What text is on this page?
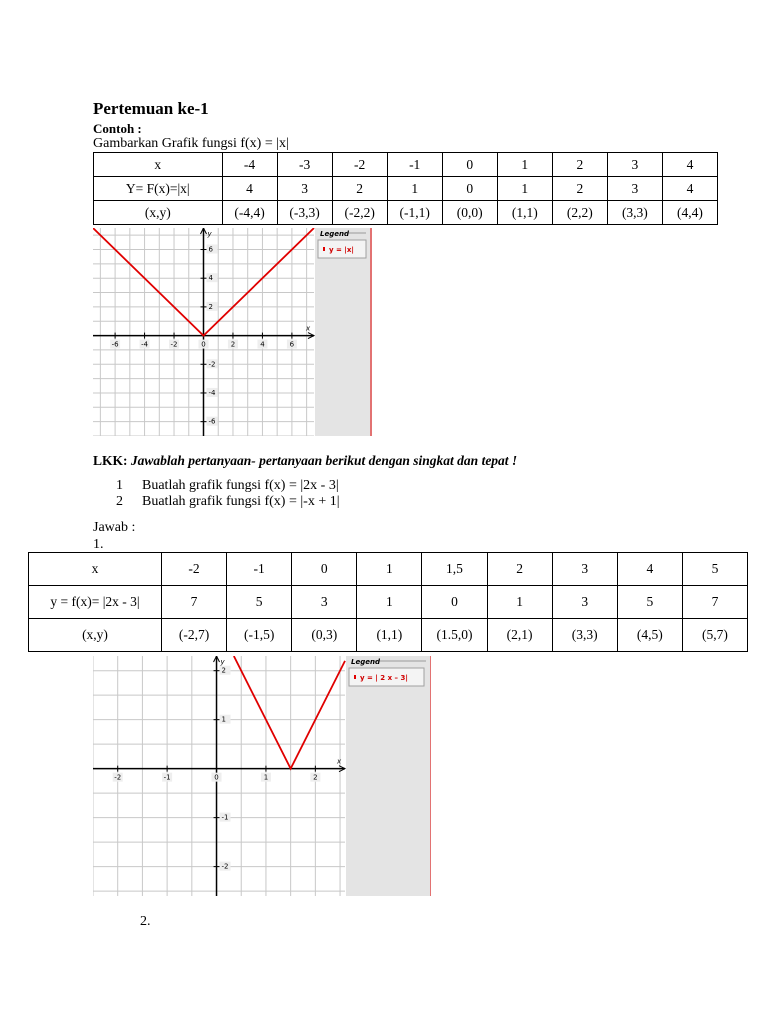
Pertemuan ke-1
Contoh :
Gambarkan Grafik fungsi f(x) = |x|
x	-4	-3	-2	-1	0	1	2	3	4
Y= F(x)=|x|	4	3	2	1	0	1	2	3	4
(x,y)	(-4,4)	(-3,3)	(-2,2)	(-1,1)	(0,0)	(1,1)	(2,2)	(3,3)	(4,4)
-6	-4	-2	0	2	4	6
6
4
2
-2
-4
-6
x
y	Legend
y = |x|
LKK: Jawablah pertanyaan- pertanyaan berikut dengan singkat dan tepat !
1 Buatlah grafik fungsi f(x) = |2x - 3|
2 Buatlah grafik fungsi f(x) = |-x + 1|
Jawab :
1.
x	-2	-1	0	1	1,5	2	3	4	5
y = f(x)= |2x - 3|	7	5	3	1	0	1	3	5	7
(x,y)	(-2,7)	(-1,5)	(0,3)	(1,1)	(1.5,0)	(2,1)	(3,3)	(4,5)	(5,7)
-2	-1	0	1	2
2
1
-1
-2
x
y	Legend
y = | 2 x – 3|
2.
